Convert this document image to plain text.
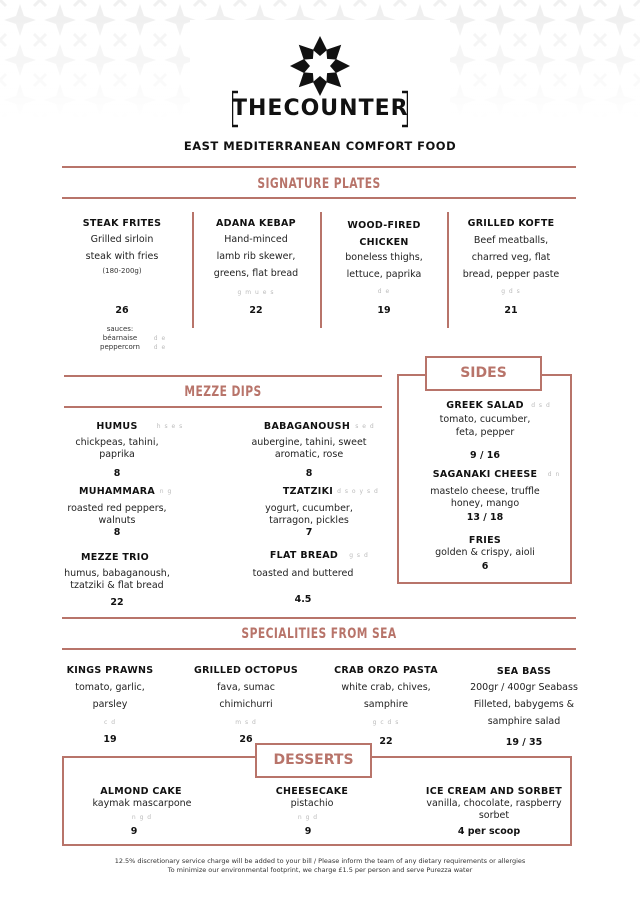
THECOUNTER
EAST MEDITERRANEAN COMFORT FOOD
SIGNATURE PLATES
STEAK FRITES
Grilled sirloin
steak with fries
(180-200g)
26
sauces:
béarnaise
peppercorn
d e
d e
ADANA KEBAP
Hand-minced
lamb rib skewer,
greens, flat bread
g m u e s
22
WOOD-FIRED
CHICKEN
boneless thighs,
lettuce, paprika
d e
19
GRILLED KOFTE
Beef meatballs,
charred veg, flat
bread, pepper paste
g d s
21
MEZZE DIPS
HUMUS	h s e s
chickpeas, tahini,
paprika
8
BABAGANOUSH s e d
aubergine, tahini, sweet
aromatic, rose
8
MUHAMMARA n g
roasted red peppers,
walnuts
8
TZATZIKI d s o y s d
yogurt, cucumber,
tarragon, pickles
7
MEZZE TRIO
humus, babaganoush,
tzatziki & flat bread
22
FLAT BREAD	g s d
toasted and buttered
4.5
SIDES
GREEK SALAD	d s d
tomato, cucumber,
feta, pepper
9 / 16
SAGANAKI CHEESE	d n
mastelo cheese, truffle
honey, mango
13 / 18
FRIES
golden & crispy, aioli
6
SPECIALITIES FROM SEA
KINGS PRAWNS
tomato, garlic,
parsley
c d
19
GRILLED OCTOPUS
fava, sumac
chimichurri
m s d
26
CRAB ORZO PASTA
white crab, chives,
samphire
g c d s
22
SEA BASS
200gr / 400gr Seabass
Filleted, babygems &
samphire salad
19 / 35
DESSERTS
ALMOND CAKE
kaymak mascarpone
n g d
9
CHEESECAKE
pistachio
n g d
9
ICE CREAM AND SORBET
vanilla, chocolate, raspberry
sorbet
4 per scoop
12.5% discretionary service charge will be added to your bill / Please inform the team of any dietary requirements or allergies
To minimize our environmental footprint, we charge £1.5 per person and serve Purezza water
